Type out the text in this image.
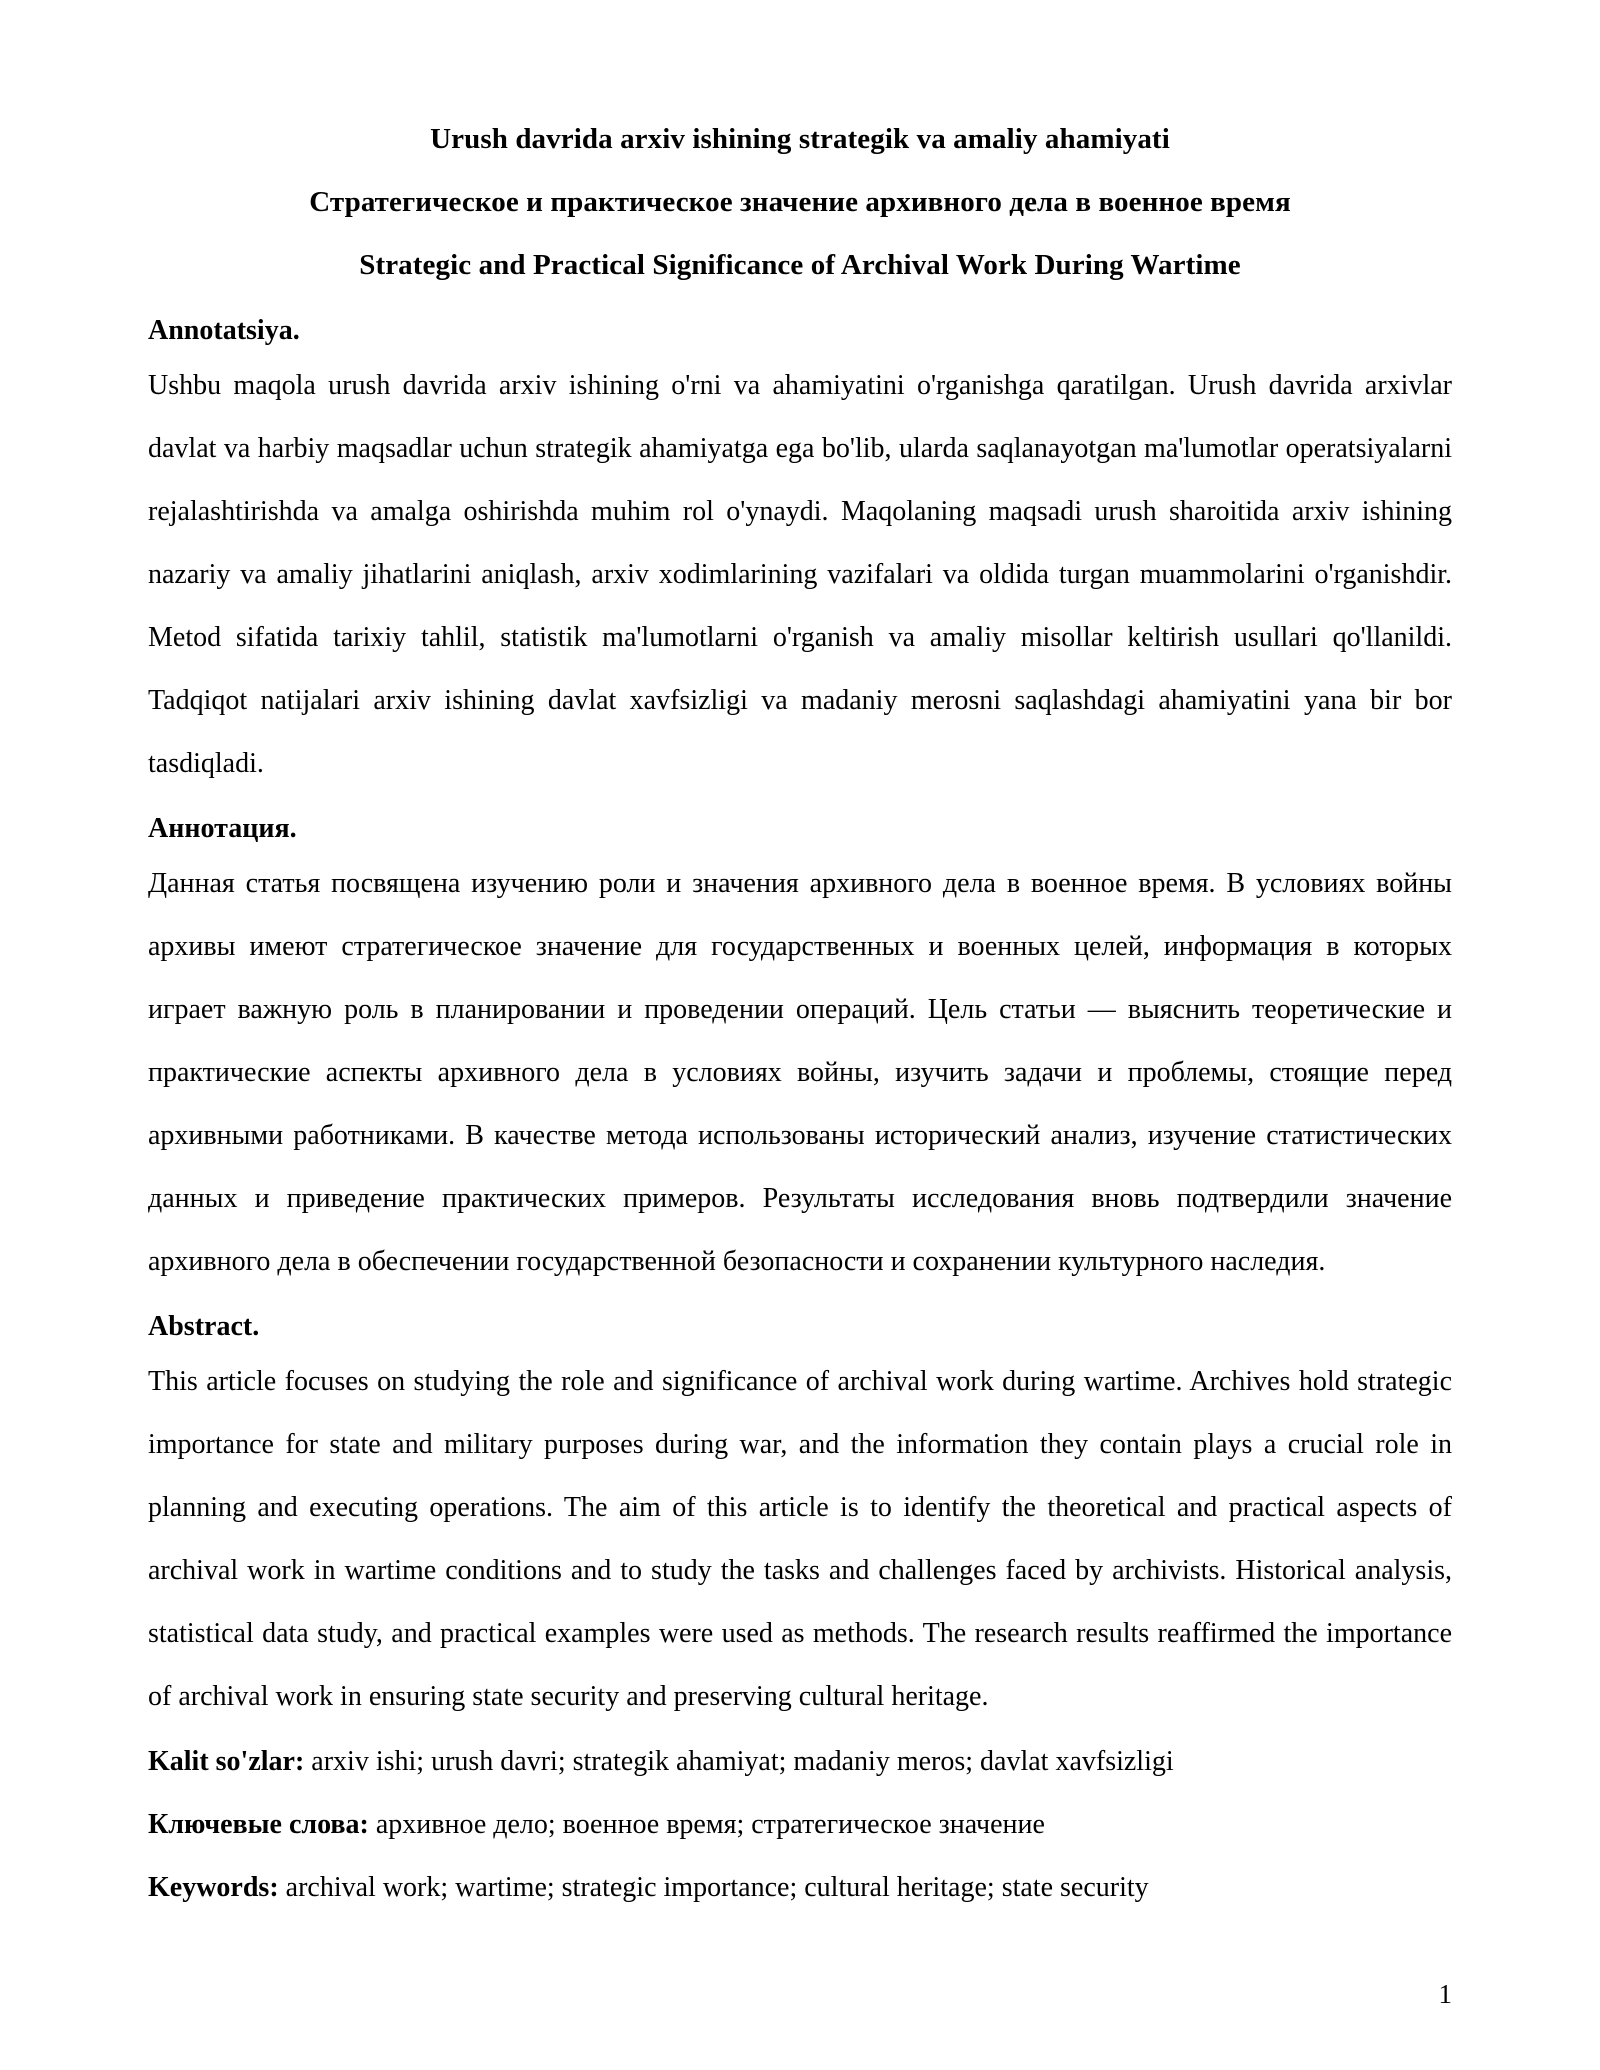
Urush davrida arxiv ishining strategik va amaliy ahamiyati
Стратегическое и практическое значение архивного дела в военное время
Strategic and Practical Significance of Archival Work During Wartime

Annotatsiya.

Ushbu maqola urush davrida arxiv ishining o'rni va ahamiyatini o'rganishga qaratilgan. Urush davrida arxivlar davlat va harbiy maqsadlar uchun strategik ahamiyatga ega bo'lib, ularda saqlanayotgan ma'lumotlar operatsiyalarni rejalashtirishda va amalga oshirishda muhim rol o'ynaydi. Maqolaning maqsadi urush sharoitida arxiv ishining nazariy va amaliy jihatlarini aniqlash, arxiv xodimlarining vazifalari va oldida turgan muammolarini o'rganishdir. Metod sifatida tarixiy tahlil, statistik ma'lumotlarni o'rganish va amaliy misollar keltirish usullari qo'llanildi. Tadqiqot natijalari arxiv ishining davlat xavfsizligi va madaniy merosni saqlashdagi ahamiyatini yana bir bor tasdiqladi.

Аннотация.

Данная статья посвящена изучению роли и значения архивного дела в военное время. В условиях войны архивы имеют стратегическое значение для государственных и военных целей, информация в которых играет важную роль в планировании и проведении операций. Цель статьи — выяснить теоретические и практические аспекты архивного дела в условиях войны, изучить задачи и проблемы, стоящие перед архивными работниками. В качестве метода использованы исторический анализ, изучение статистических данных и приведение практических примеров. Результаты исследования вновь подтвердили значение архивного дела в обеспечении государственной безопасности и сохранении культурного наследия.

Abstract.

This article focuses on studying the role and significance of archival work during wartime. Archives hold strategic importance for state and military purposes during war, and the information they contain plays a crucial role in planning and executing operations. The aim of this article is to identify the theoretical and practical aspects of archival work in wartime conditions and to study the tasks and challenges faced by archivists. Historical analysis, statistical data study, and practical examples were used as methods. The research results reaffirmed the importance of archival work in ensuring state security and preserving cultural heritage.

Kalit so'zlar: arxiv ishi; urush davri; strategik ahamiyat; madaniy meros; davlat xavfsizligi

Ключевые слова: архивное дело; военное время; стратегическое значение

Keywords: archival work; wartime; strategic importance; cultural heritage; state security

1
